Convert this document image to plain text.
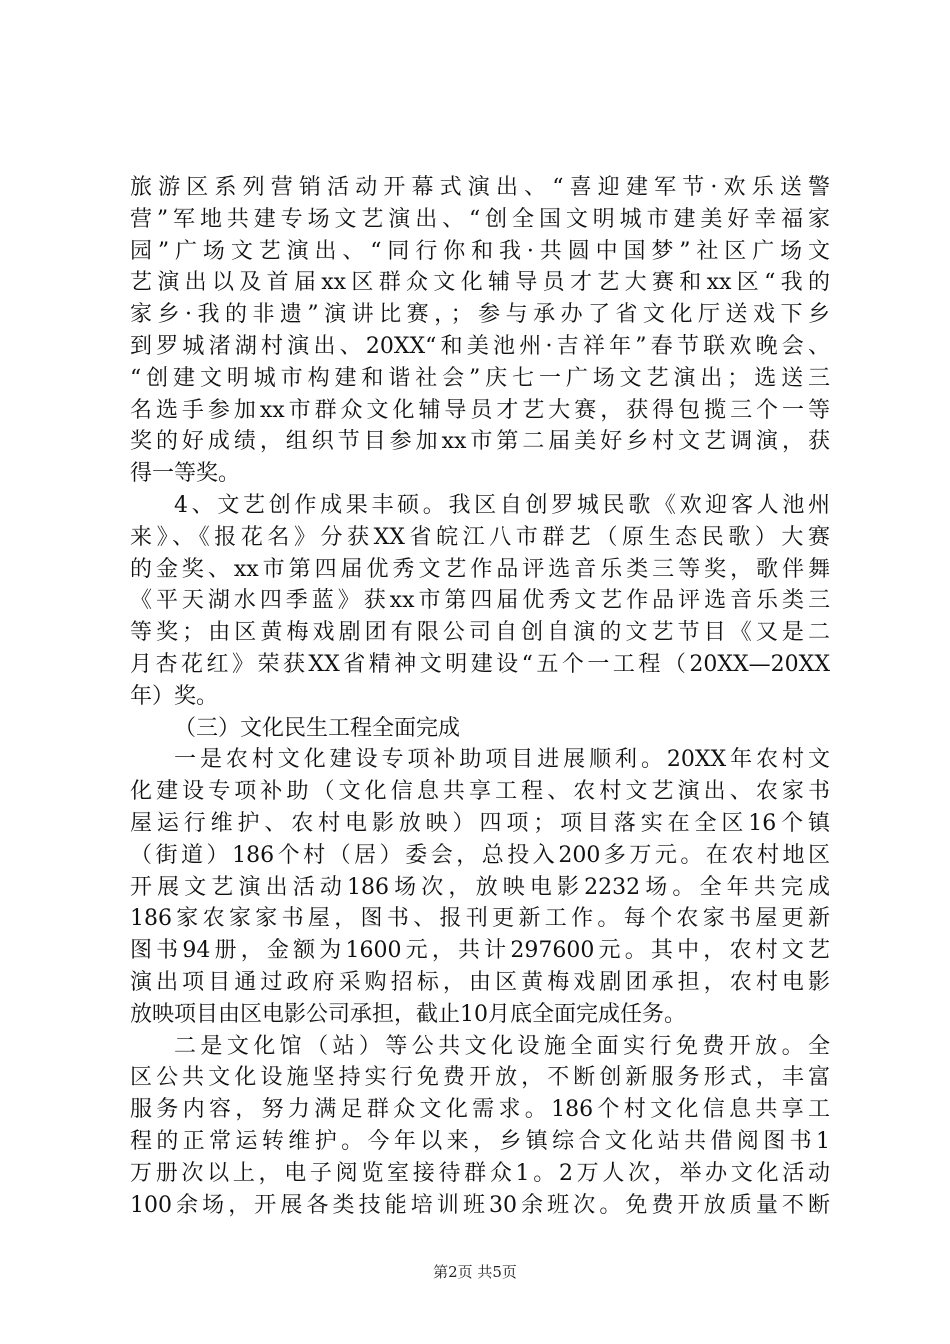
旅游区系列营销活动开幕式演出、“喜迎建军节·欢乐送警
营”军地共建专场文艺演出、“创全国文明城市建美好幸福家
园”广场文艺演出、“同行你和我·共圆中国梦”社区广场文
艺演出以及首届xx区群众文化辅导员才艺大赛和xx区“我的
家乡·我的非遗”演讲比赛，；参与承办了省文化厅送戏下乡
到罗城渚湖村演出、20XX“和美池州·吉祥年”春节联欢晚会、
“创建文明城市构建和谐社会”庆七一广场文艺演出；选送三
名选手参加xx市群众文化辅导员才艺大赛，获得包揽三个一等
奖的好成绩，组织节目参加xx市第二届美好乡村文艺调演，获
得一等奖。
4、文艺创作成果丰硕。我区自创罗城民歌《欢迎客人池州
来》、《报花名》分获XX省皖江八市群艺（原生态民歌）大赛
的金奖、xx市第四届优秀文艺作品评选音乐类三等奖，歌伴舞
《平天湖水四季蓝》获xx市第四届优秀文艺作品评选音乐类三
等奖；由区黄梅戏剧团有限公司自创自演的文艺节目《又是二
月杏花红》荣获XX省精神文明建设“五个一工程（20XX—20XX
年）奖。
（三）文化民生工程全面完成
一是农村文化建设专项补助项目进展顺利。20XX年农村文
化建设专项补助（文化信息共享工程、农村文艺演出、农家书
屋运行维护、农村电影放映）四项；项目落实在全区16个镇
（街道）186个村（居）委会，总投入200多万元。在农村地区
开展文艺演出活动186场次，放映电影2232场。全年共完成
186家农家家书屋，图书、报刊更新工作。每个农家书屋更新
图书94册，金额为1600元，共计297600元。其中，农村文艺
演出项目通过政府采购招标，由区黄梅戏剧团承担，农村电影
放映项目由区电影公司承担，截止10月底全面完成任务。
二是文化馆（站）等公共文化设施全面实行免费开放。全
区公共文化设施坚持实行免费开放，不断创新服务形式，丰富
服务内容，努力满足群众文化需求。186个村文化信息共享工
程的正常运转维护。今年以来，乡镇综合文化站共借阅图书1
万册次以上，电子阅览室接待群众1。2万人次，举办文化活动
100余场，开展各类技能培训班30余班次。免费开放质量不断
第2页 共5页
